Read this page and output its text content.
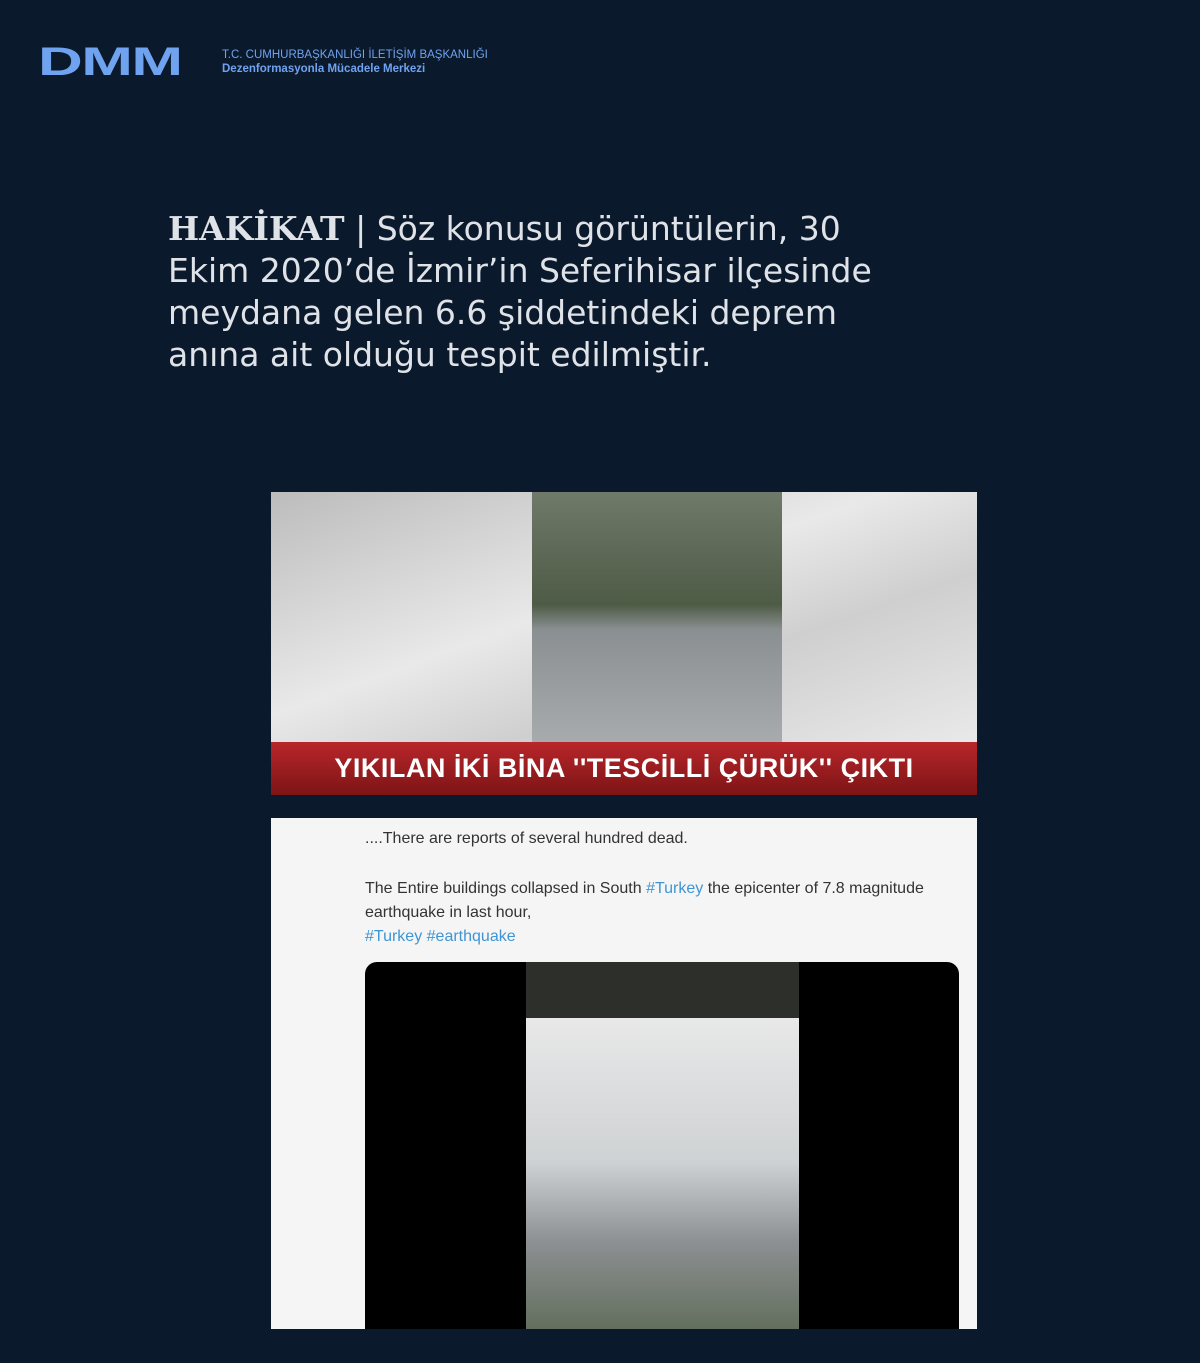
DMM	T.C. CUMHURBAŞKANLIĞI İLETİŞİM BAŞKANLIĞI
Dezenformasyonla Mücadele Merkezi
HAKİKAT | Söz konusu görüntülerin, 30 Ekim 2020’de İzmir’in Seferihisar ilçesinde meydana gelen 6.6 şiddetindeki deprem anına ait olduğu tespit edilmiştir.
YIKILAN İKİ BİNA ''TESCİLLİ ÇÜRÜK'' ÇIKTI
....There are reports of several hundred dead.
The Entire buildings collapsed in South #Turkey the epicenter of 7.8 magnitude earthquake in last hour,
#Turkey #earthquake
